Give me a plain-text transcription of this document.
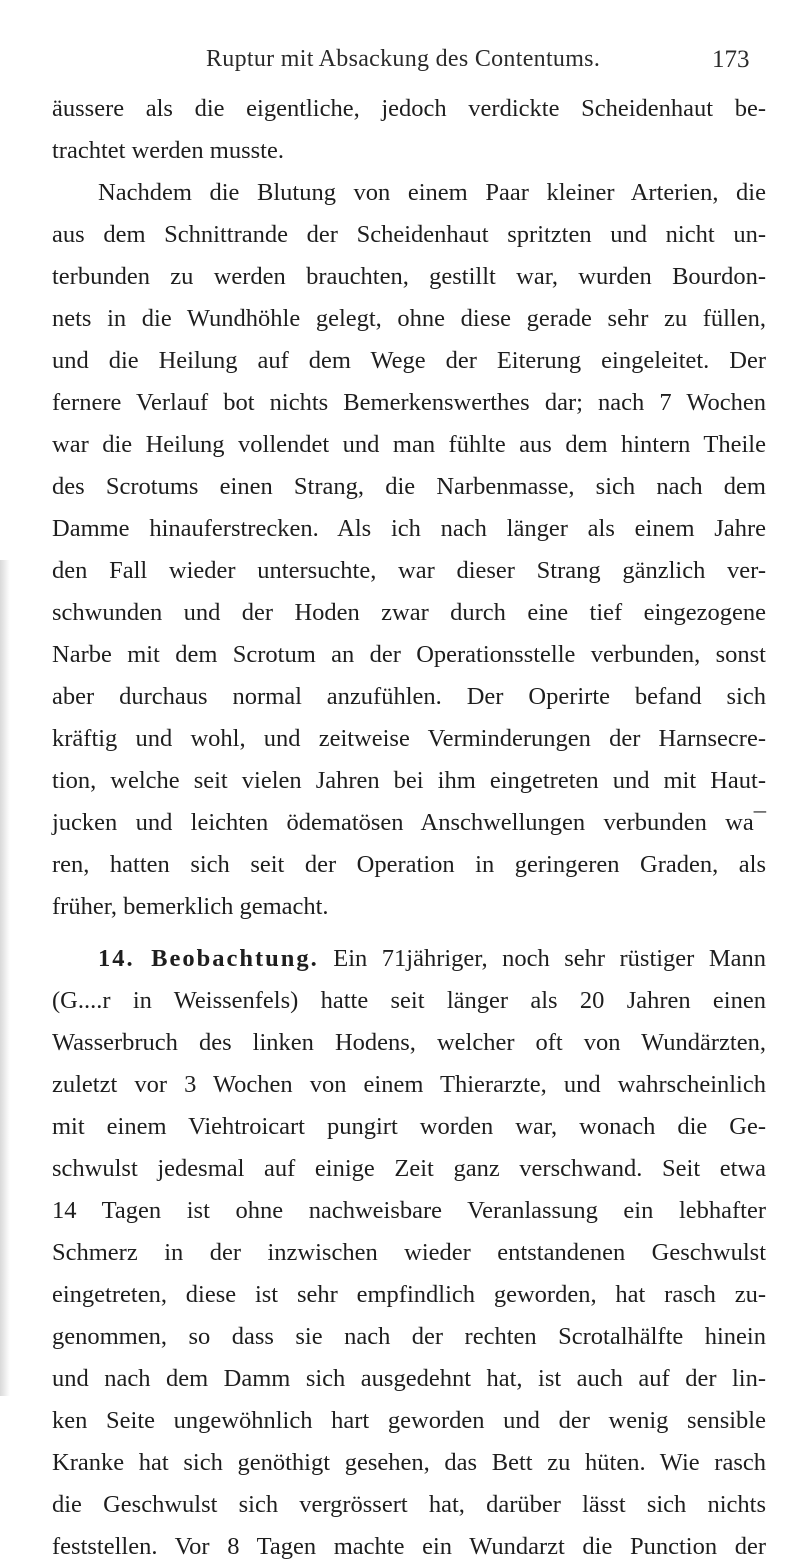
Ruptur mit Absackung des Contentums.	173
äussere als die eigentliche, jedoch verdickte Scheidenhaut be-
trachtet werden musste.
Nachdem die Blutung von einem Paar kleiner Arterien, die
aus dem Schnittrande der Scheidenhaut spritzten und nicht un-
terbunden zu werden brauchten, gestillt war, wurden Bourdon-
nets in die Wundhöhle gelegt, ohne diese gerade sehr zu füllen,
und die Heilung auf dem Wege der Eiterung eingeleitet. Der
fernere Verlauf bot nichts Bemerkenswerthes dar; nach 7 Wochen
war die Heilung vollendet und man fühlte aus dem hintern Theile
des Scrotums einen Strang, die Narbenmasse, sich nach dem
Damme hinauferstrecken. Als ich nach länger als einem Jahre
den Fall wieder untersuchte, war dieser Strang gänzlich ver-
schwunden und der Hoden zwar durch eine tief eingezogene
Narbe mit dem Scrotum an der Operationsstelle verbunden, sonst
aber durchaus normal anzufühlen. Der Operirte befand sich
kräftig und wohl, und zeitweise Verminderungen der Harnsecre-
tion, welche seit vielen Jahren bei ihm eingetreten und mit Haut-
jucken und leichten ödematösen Anschwellungen verbunden wa¯
ren, hatten sich seit der Operation in geringeren Graden, als
früher, bemerklich gemacht.
14. Beobachtung. Ein 71jähriger, noch sehr rüstiger Mann
(G....r in Weissenfels) hatte seit länger als 20 Jahren einen
Wasserbruch des linken Hodens, welcher oft von Wundärzten,
zuletzt vor 3 Wochen von einem Thierarzte, und wahrscheinlich
mit einem Viehtroicart pungirt worden war, wonach die Ge-
schwulst jedesmal auf einige Zeit ganz verschwand. Seit etwa
14 Tagen ist ohne nachweisbare Veranlassung ein lebhafter
Schmerz in der inzwischen wieder entstandenen Geschwulst
eingetreten, diese ist sehr empfindlich geworden, hat rasch zu-
genommen, so dass sie nach der rechten Scrotalhälfte hinein
und nach dem Damm sich ausgedehnt hat, ist auch auf der lin-
ken Seite ungewöhnlich hart geworden und der wenig sensible
Kranke hat sich genöthigt gesehen, das Bett zu hüten. Wie rasch
die Geschwulst sich vergrössert hat, darüber lässt sich nichts
feststellen. Vor 8 Tagen machte ein Wundarzt die Punction der
